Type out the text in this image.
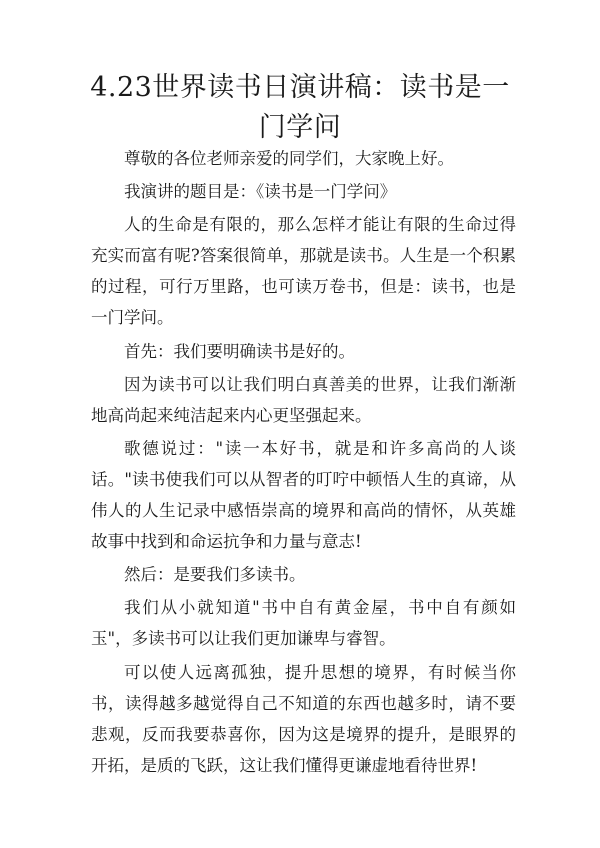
4.23世界读书日演讲稿：读书是一门学问

尊敬的各位老师亲爱的同学们，大家晚上好。

我演讲的题目是：《读书是一门学问》

人的生命是有限的，那么怎样才能让有限的生命过得充实而富有呢?答案很简单，那就是读书。人生是一个积累的过程，可行万里路，也可读万卷书，但是：读书，也是一门学问。

首先：我们要明确读书是好的。

因为读书可以让我们明白真善美的世界，让我们渐渐地高尚起来纯洁起来内心更坚强起来。

歌德说过："读一本好书，就是和许多高尚的人谈话。"读书使我们可以从智者的叮咛中顿悟人生的真谛，从伟人的人生记录中感悟崇高的境界和高尚的情怀，从英雄故事中找到和命运抗争和力量与意志!

然后：是要我们多读书。

我们从小就知道"书中自有黄金屋，书中自有颜如玉"，多读书可以让我们更加谦卑与睿智。

可以使人远离孤独，提升思想的境界，有时候当你书，读得越多越觉得自己不知道的东西也越多时，请不要悲观，反而我要恭喜你，因为这是境界的提升，是眼界的开拓，是质的飞跃，这让我们懂得更谦虚地看待世界!
